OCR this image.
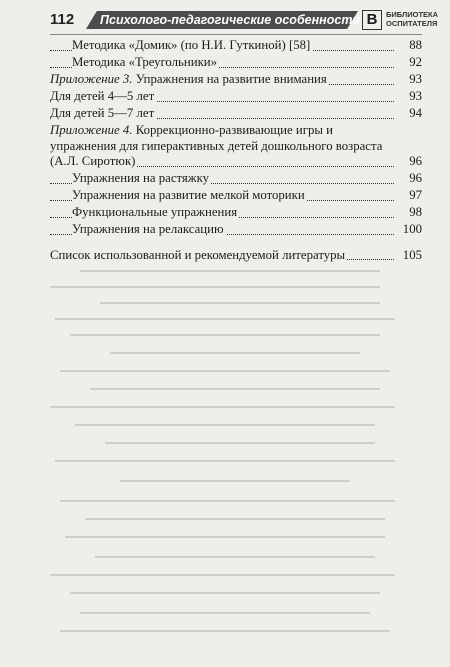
112	Психолого-педагогические особенности В	БИБЛИОТЕКА ОСПИТАТЕЛЯ
Методика «Домик» (по Н.И. Гуткиной) [58]	88
Методика «Треугольники»	92
Приложение 3. Упражнения на развитие внимания	93
Для детей 4—5 лет	93
Для детей 5—7 лет	94
Приложение 4. Коррекционно-развивающие игры и упражнения для гиперактивных детей дошкольного возраста (А.Л. Сиротюк)	96
Упражнения на растяжку	96
Упражнения на развитие мелкой моторики	97
Функциональные упражнения	98
Упражнения на релаксацию	100
Список использованной и рекомендуемой литературы	105
